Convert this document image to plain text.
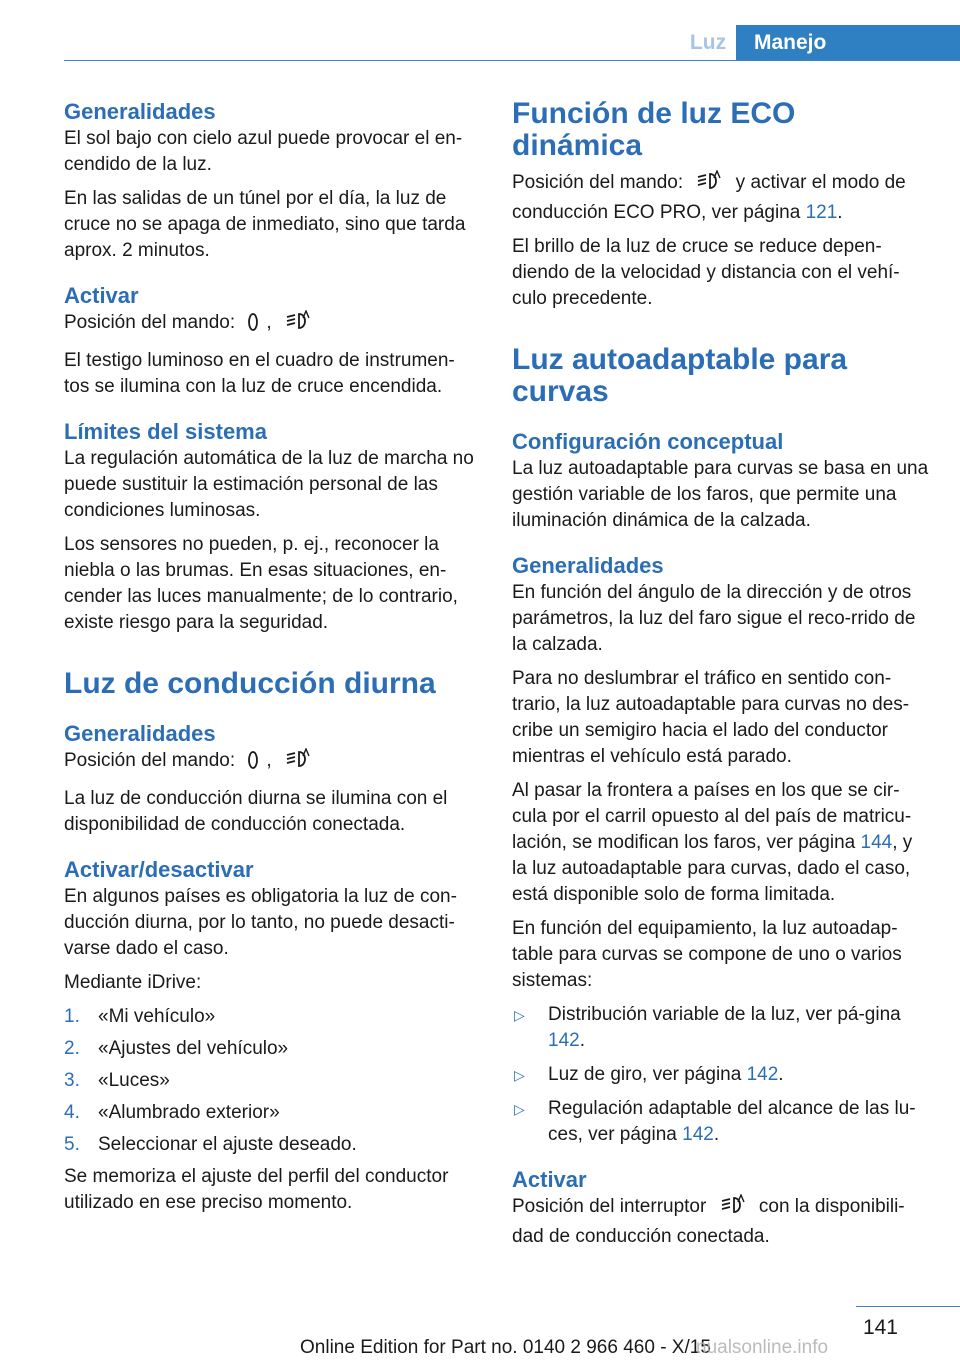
Luz	Manejo
Generalidades

El sol bajo con cielo azul puede provocar el en-cendido de la luz.

En las salidas de un túnel por el día, la luz de cruce no se apaga de inmediato, sino que tarda aprox. 2 minutos.

Activar

Posición del mando: ,

El testigo luminoso en el cuadro de instrumen-tos se ilumina con la luz de cruce encendida.

Límites del sistema

La regulación automática de la luz de marcha no puede sustituir la estimación personal de las condiciones luminosas.

Los sensores no pueden, p. ej., reconocer la niebla o las brumas. En esas situaciones, en-cender las luces manualmente; de lo contrario, existe riesgo para la seguridad.

Luz de conducción diurna
Generalidades

Posición del mando: ,

La luz de conducción diurna se ilumina con el disponibilidad de conducción conectada.

Activar/desactivar

En algunos países es obligatoria la luz de con-ducción diurna, por lo tanto, no puede desacti-varse dado el caso.

Mediante iDrive:

1. «Mi vehículo»
2. «Ajustes del vehículo»
3. «Luces»
4. «Alumbrado exterior»
5. Seleccionar el ajuste deseado.

Se memoriza el ajuste del perfil del conductor utilizado en ese preciso momento.

Función de luz ECO dinámica

Posición del mando:	y activar el modo de conducción ECO PRO, ver página 121.

El brillo de la luz de cruce se reduce depen-diendo de la velocidad y distancia con el vehí-culo precedente.

Luz autoadaptable para curvas
Configuración conceptual

La luz autoadaptable para curvas se basa en una gestión variable de los faros, que permite una iluminación dinámica de la calzada.

Generalidades

En función del ángulo de la dirección y de otros parámetros, la luz del faro sigue el reco-rrido de la calzada.

Para no deslumbrar el tráfico en sentido con-trario, la luz autoadaptable para curvas no des-cribe un semigiro hacia el lado del conductor mientras el vehículo está parado.

Al pasar la frontera a países en los que se cir-cula por el carril opuesto al del país de matricu-lación, se modifican los faros, ver página 144, y la luz autoadaptable para curvas, dado el caso, está disponible solo de forma limitada.

En función del equipamiento, la luz autoadap-table para curvas se compone de uno o varios sistemas:

▷	Distribución variable de la luz, ver pá-gina 142.
▷	Luz de giro, ver página 142.
▷	Regulación adaptable del alcance de las lu-ces, ver página 142.
Activar

Posición del interruptor	con la disponibili-dad de conducción conectada.

141
Online Edition for Part no. 0140 2 966 460 - X/15
nualsonline.info
